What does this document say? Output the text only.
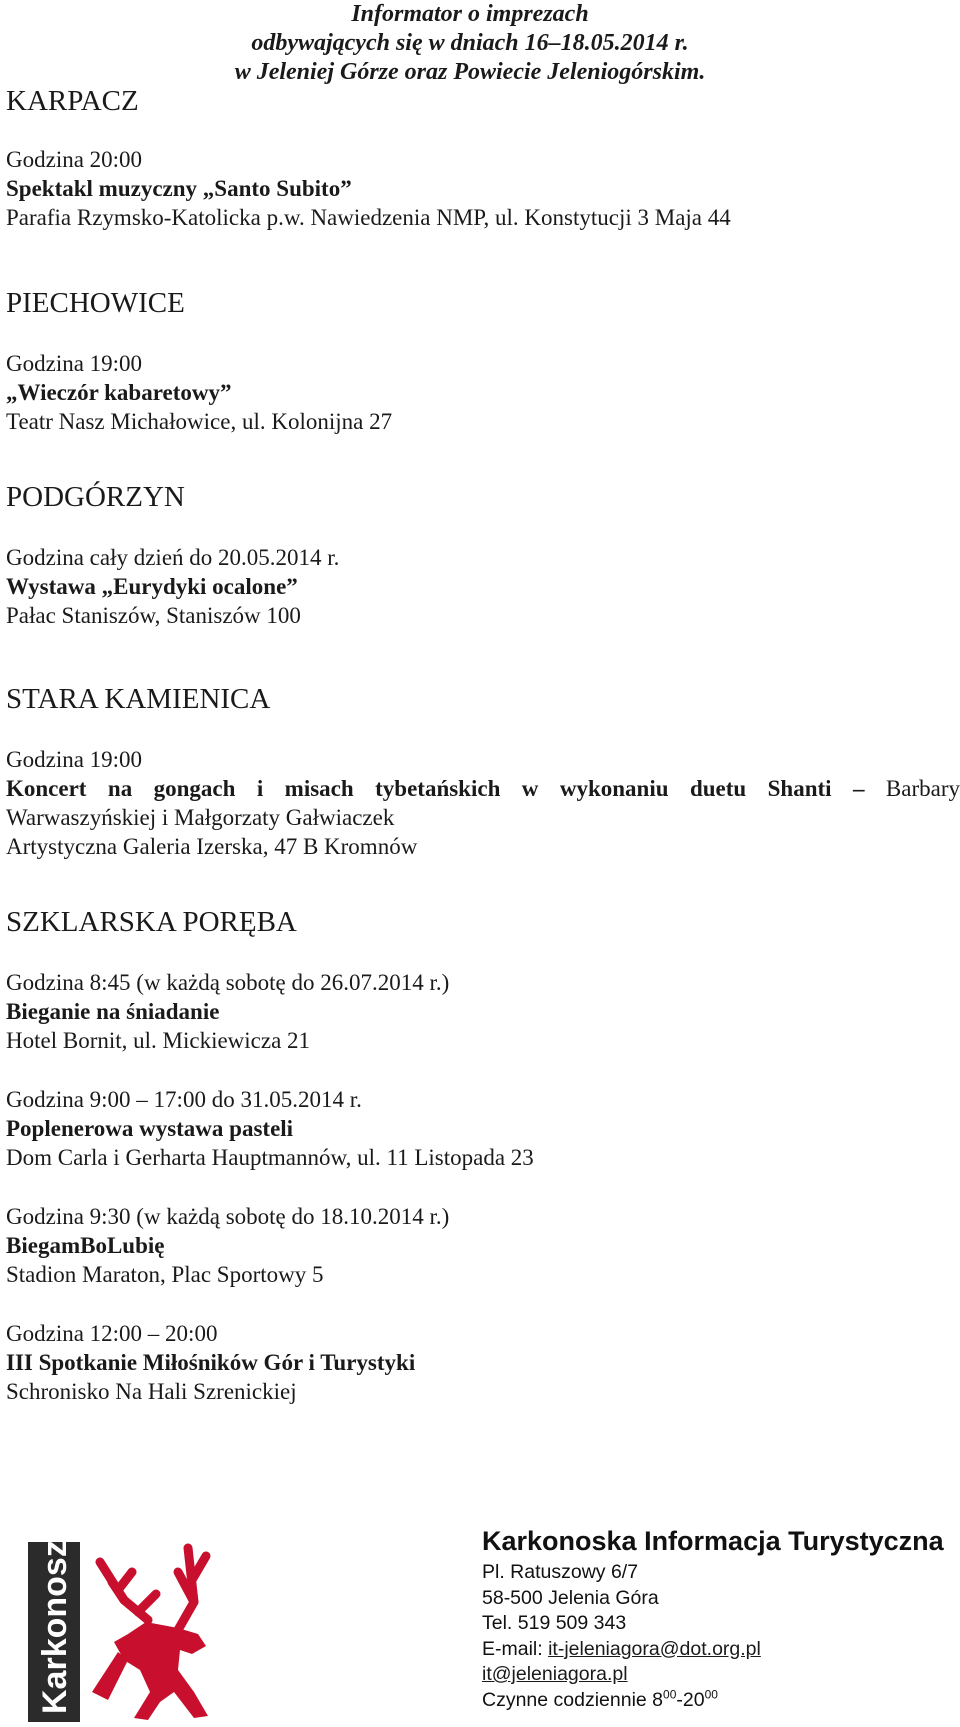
Informator o imprezach
odbywających się w dniach 16–18.05.2014 r.
w Jeleniej Górze oraz Powiecie Jeleniogórskim.
KARPACZ
Godzina 20:00
Spektakl muzyczny „Santo Subito”
Parafia Rzymsko-Katolicka p.w. Nawiedzenia NMP, ul. Konstytucji 3 Maja 44
PIECHOWICE
Godzina 19:00
„Wieczór kabaretowy”
Teatr Nasz Michałowice, ul. Kolonijna 27
PODGÓRZYN
Godzina cały dzień do 20.05.2014 r.
Wystawa „Eurydyki ocalone”
Pałac Staniszów, Staniszów 100
STARA KAMIENICA
Godzina 19:00
Koncert na gongach i misach tybetańskich w wykonaniu duetu Shanti – Barbary
Warwaszyńskiej i Małgorzaty Gałwiaczek
Artystyczna Galeria Izerska, 47 B Kromnów
SZKLARSKA PORĘBA
Godzina 8:45 (w każdą sobotę do 26.07.2014 r.)
Bieganie na śniadanie
Hotel Bornit, ul. Mickiewicza 21
Godzina 9:00 – 17:00 do 31.05.2014 r.
Poplenerowa wystawa pasteli
Dom Carla i Gerharta Hauptmannów, ul. 11 Listopada 23
Godzina 9:30 (w każdą sobotę do 18.10.2014 r.)
BiegamBoLubię
Stadion Maraton, Plac Sportowy 5
Godzina 12:00 – 20:00
III Spotkanie Miłośników Gór i Turystyki
Schronisko Na Hali Szrenickiej
Karkonosze	Karkonoska Informacja Turystyczna
Pl. Ratuszowy 6/7
58-500 Jelenia Góra
Tel. 519 509 343
E-mail: it-jeleniagora@dot.org.pl
it@jeleniagora.pl
Czynne codziennie $8^{00}-20^{00}$
